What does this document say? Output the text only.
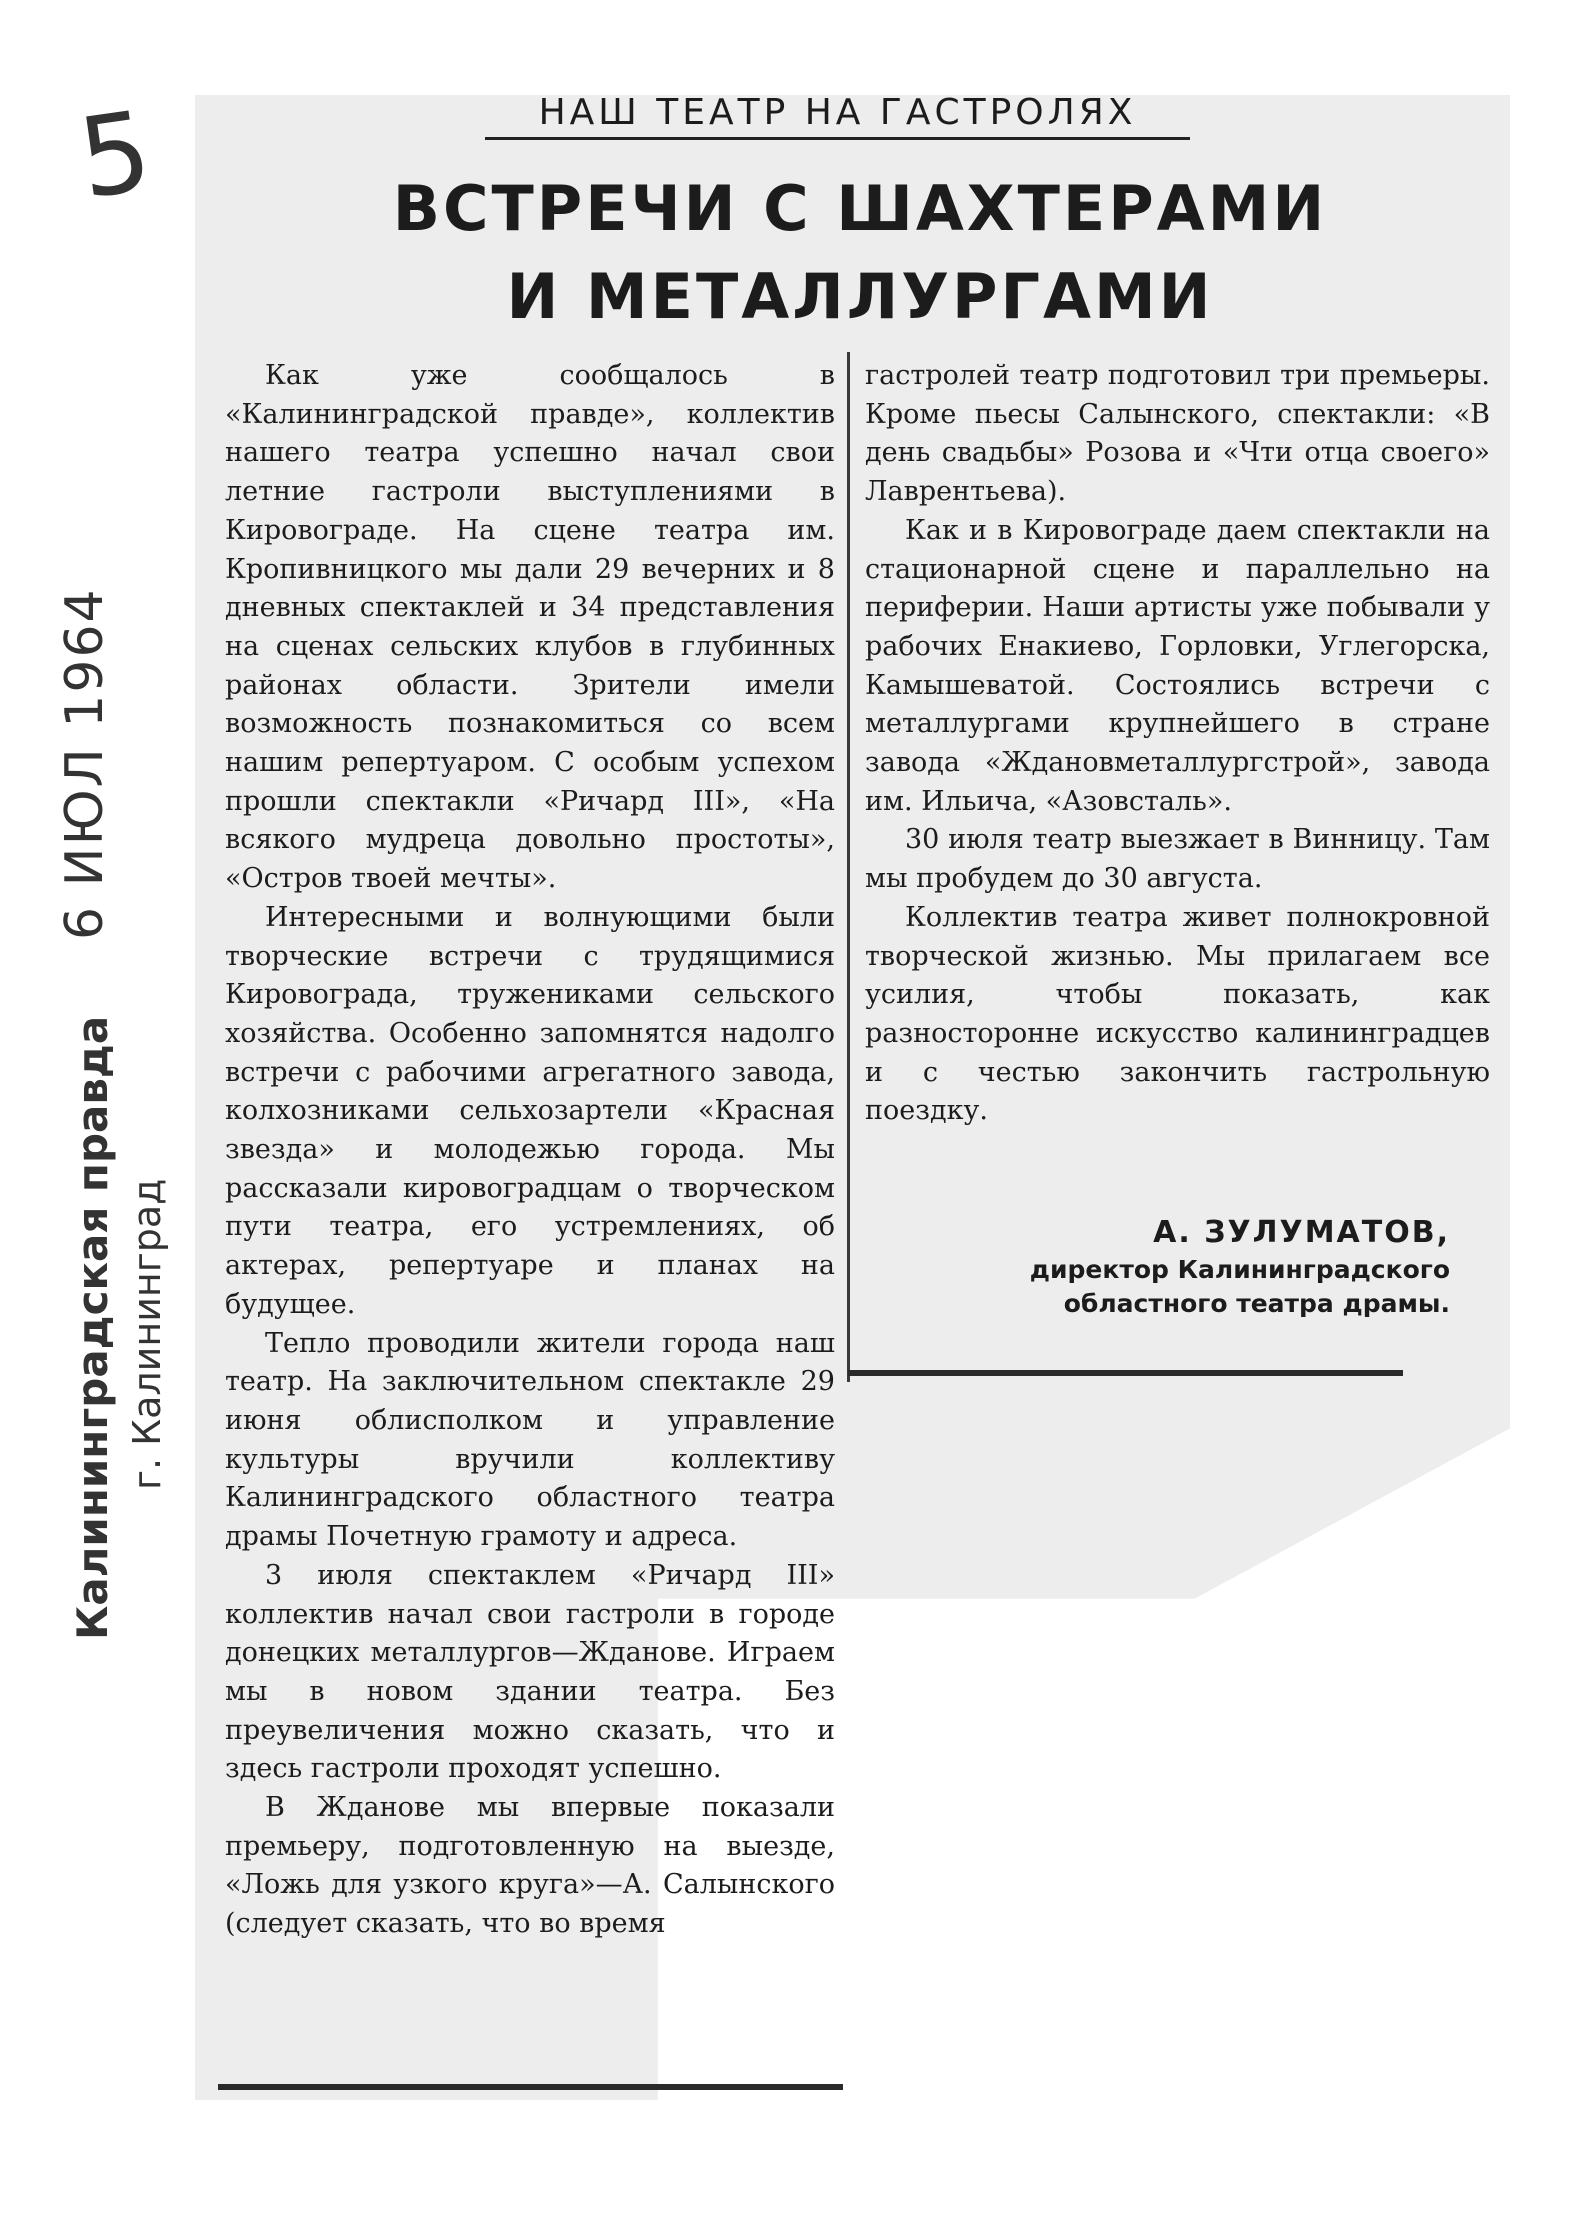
5
6 ИЮЛ 1964
Калининградская правда г. Калининград
НАШ ТЕАТР НА ГАСТРОЛЯХ
ВСТРЕЧИ С ШАХТЕРАМИ
И МЕТАЛЛУРГАМИ

Как уже сообщалось в «Калининградской правде», коллектив нашего театра успешно начал свои летние гастроли выступлениями в Кировограде. На сцене театра им. Кропивницкого мы дали 29 вечерних и 8 дневных спектаклей и 34 представления на сценах сельских клубов в глубинных районах области. Зрители имели возможность познакомиться со всем нашим репертуаром. С особым успехом прошли спектакли «Ричард III», «На всякого мудреца довольно простоты», «Остров твоей мечты».

Интересными и волнующими были творческие встречи с трудящимися Кировограда, тружениками сельского хозяйства. Особенно запомнятся надолго встречи с рабочими агрегатного завода, колхозниками сельхозартели «Красная звезда» и молодежью города. Мы рассказали кировоградцам о творческом пути театра, его устремлениях, об актерах, репертуаре и планах на будущее.

Тепло проводили жители города наш театр. На заключительном спектакле 29 июня облисполком и управление культуры вручили коллективу Калининградского областного театра драмы Почетную грамоту и адреса.

3 июля спектаклем «Ричард III» коллектив начал свои гастроли в городе донецких металлургов—Жданове. Играем мы в новом здании театра. Без преувеличения можно сказать, что и здесь гастроли проходят успешно.

В Жданове мы впервые показали премьеру, подготовленную на выезде, «Ложь для узкого круга»—А. Салынского (следует сказать, что во время

гастролей театр подготовил три премьеры. Кроме пьесы Салынского, спектакли: «В день свадьбы» Розова и «Чти отца своего» Лаврентьева).

Как и в Кировограде даем спектакли на стационарной сцене и параллельно на периферии. Наши артисты уже побывали у рабочих Енакиево, Горловки, Углегорска, Камышеватой. Состоялись встречи с металлургами крупнейшего в стране завода «Ждановметаллургстрой», завода им. Ильича, «Азовсталь».

30 июля театр выезжает в Винницу. Там мы пробудем до 30 августа.

Коллектив театра живет полнокровной творческой жизнью. Мы прилагаем все усилия, чтобы показать, как разносторонне искусство калининградцев и с честью закончить гастрольную поездку.

А. ЗУЛУМАТОВ,
директор Калининградского
областного театра драмы.
